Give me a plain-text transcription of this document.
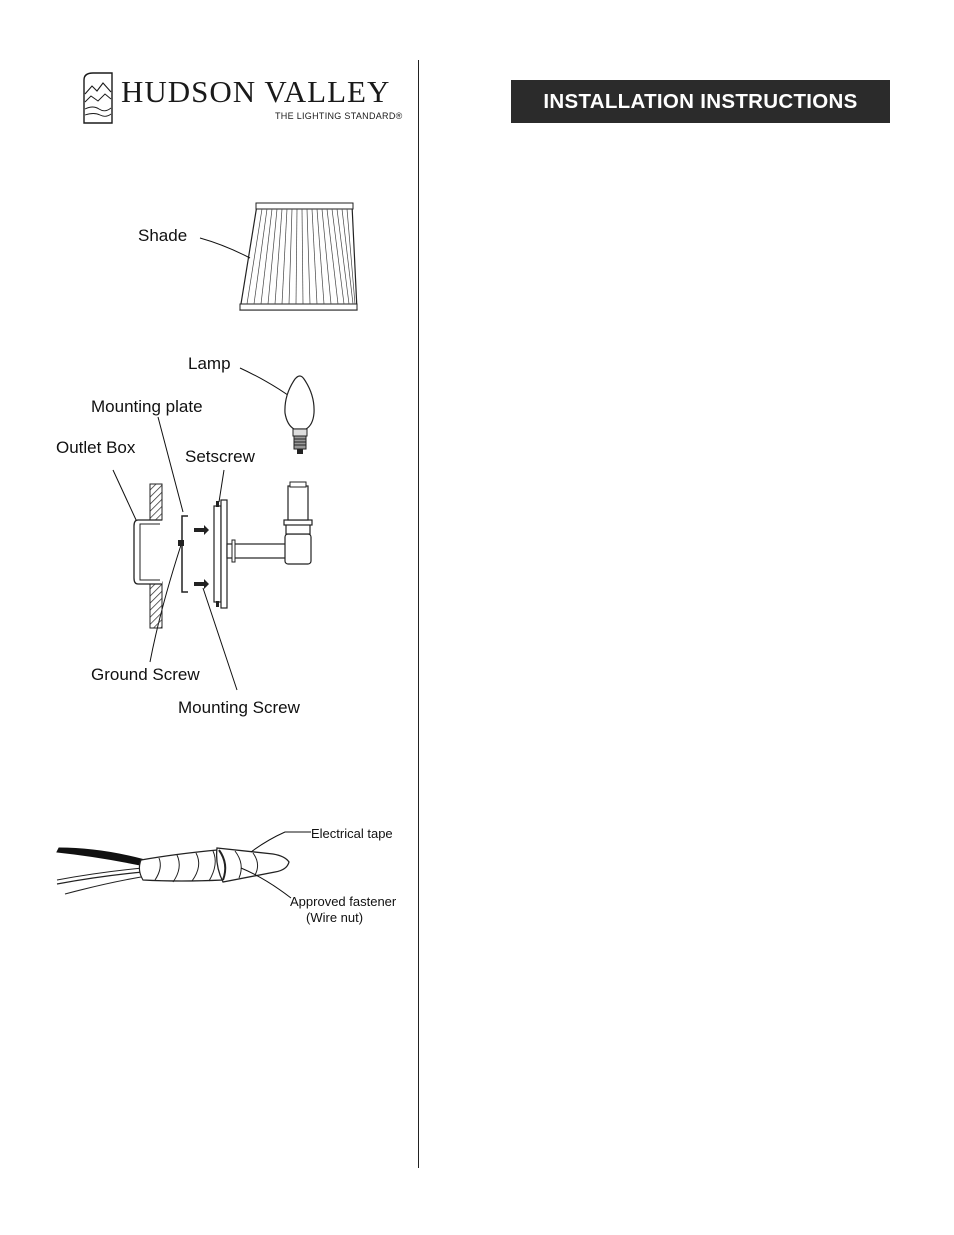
HUDSON VALLEY
THE LIGHTING STANDARD®
INSTALLATION INSTRUCTIONS
Shade
Lamp
Mounting plate
Outlet Box	Setscrew
Ground Screw
Mounting Screw
Electrical tape
Approved fastener
(Wire nut)
